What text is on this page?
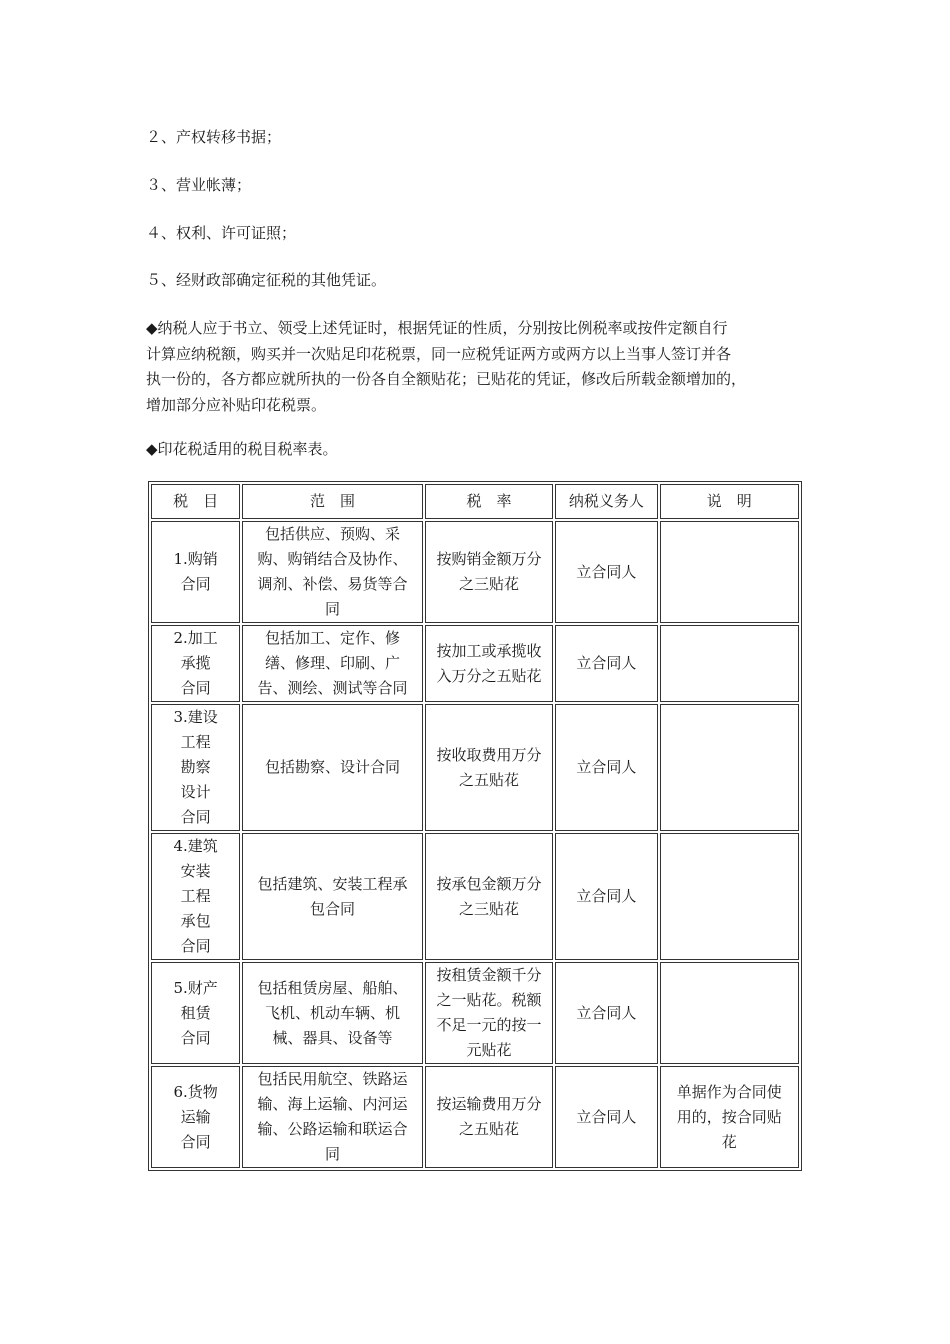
２、产权转移书据；
３、营业帐薄；
４、权利、许可证照；
５、经财政部确定征税的其他凭证。
◆纳税人应于书立、领受上述凭证时，根据凭证的性质，分别按比例税率或按件定额自行
计算应纳税额，购买并一次贴足印花税票，同一应税凭证两方或两方以上当事人签订并各
执一份的，各方都应就所执的一份各自全额贴花；已贴花的凭证，修改后所载金额增加的，
增加部分应补贴印花税票。
◆印花税适用的税目税率表。
税　目	范　围	税　率	纳税义务人	说　明

1.购销
合同	包括供应、预购、采
购、购销结合及协作、
调剂、补偿、易货等合
同	按购销金额万分
之三贴花	立合同人	

2.加工
承揽
合同	包括加工、定作、修
缮、修理、印刷、广
告、测绘、测试等合同	按加工或承揽收
入万分之五贴花	立合同人	

3.建设
工程
勘察
设计
合同	包括勘察、设计合同	按收取费用万分
之五贴花	立合同人	

4.建筑
安装
工程
承包
合同	包括建筑、安装工程承
包合同	按承包金额万分
之三贴花	立合同人	

5.财产
租赁
合同	包括租赁房屋、船舶、
飞机、机动车辆、机
械、器具、设备等	按租赁金额千分
之一贴花。税额
不足一元的按一
元贴花	立合同人	

6.货物
运输
合同	包括民用航空、铁路运
输、海上运输、内河运
输、公路运输和联运合
同	按运输费用万分
之五贴花	立合同人	单据作为合同使
用的，按合同贴
花
